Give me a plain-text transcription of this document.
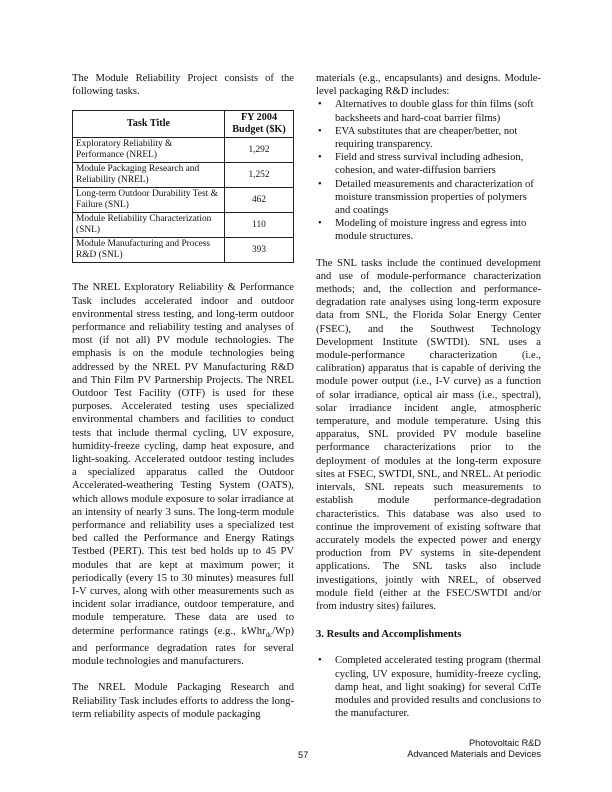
The Module Reliability Project consists of the following tasks.

Task Title	FY 2004 Budget ($K)
Exploratory Reliability & Performance (NREL)	1,292
Module Packaging Research and Reliability (NREL)	1,252
Long-term Outdoor Durability Test & Failure (SNL)	462
Module Reliability Characterization (SNL)	110
Module Manufacturing and Process R&D (SNL)	393

The NREL Exploratory Reliability & Performance Task includes accelerated indoor and outdoor environmental stress testing, and long-term outdoor performance and reliability testing and analyses of most (if not all) PV module technologies. The emphasis is on the module technologies being addressed by the NREL PV Manufacturing R&D and Thin Film PV Partnership Projects. The NREL Outdoor Test Facility (OTF) is used for these purposes. Accelerated testing uses specialized environmental chambers and facilities to conduct tests that include thermal cycling, UV exposure, humidity-freeze cycling, damp heat exposure, and light-soaking. Accelerated outdoor testing includes a specialized apparatus called the Outdoor Accelerated-weathering Testing System (OATS), which allows module exposure to solar irradiance at an intensity of nearly 3 suns. The long-term module performance and reliability uses a specialized test bed called the Performance and Energy Ratings Testbed (PERT). This test bed holds up to 45 PV modules that are kept at maximum power; it periodically (every 15 to 30 minutes) measures full I-V curves, along with other measurements such as incident solar irradiance, outdoor temperature, and module temperature. These data are used to determine performance ratings (e.g., kWhr$_{dc}$/Wp) and performance degradation rates for several module technologies and manufacturers.

The NREL Module Packaging Research and Reliability Task includes efforts to address the long-term reliability aspects of module packaging

materials (e.g., encapsulants) and designs. Module-level packaging R&D includes:

• Alternatives to double glass for thin films (soft backsheets and hard-coat barrier films)
• EVA substitutes that are cheaper/better, not requiring transparency.
• Field and stress survival including adhesion, cohesion, and water-diffusion barriers
• Detailed measurements and characterization of moisture transmission properties of polymers and coatings
• Modeling of moisture ingress and egress into module structures.

The SNL tasks include the continued development and use of module-performance characterization methods; and, the collection and performance-degradation rate analyses using long-term exposure data from SNL, the Florida Solar Energy Center (FSEC), and the Southwest Technology Development Institute (SWTDI). SNL uses a module-performance characterization (i.e., calibration) apparatus that is capable of deriving the module power output (i.e., I-V curve) as a function of solar irradiance, optical air mass (i.e., spectral), solar irradiance incident angle, atmospheric temperature, and module temperature. Using this apparatus, SNL provided PV module baseline performance characterizations prior to the deployment of modules at the long-term exposure sites at FSEC, SWTDI, SNL, and NREL. At periodic intervals, SNL repeats such measurements to establish module performance-degradation characteristics. This database was also used to continue the improvement of existing software that accurately models the expected power and energy production from PV systems in site-dependent applications. The SNL tasks also include investigations, jointly with NREL, of observed module field (either at the FSEC/SWTDI and/or from industry sites) failures.

3. Results and Accomplishments
• Completed accelerated testing program (thermal cycling, UV exposure, humidity-freeze cycling, damp heat, and light soaking) for several CdTe modules and provided results and conclusions to the manufacturer.
Photovoltaic R&D
Advanced Materials and Devices
57
